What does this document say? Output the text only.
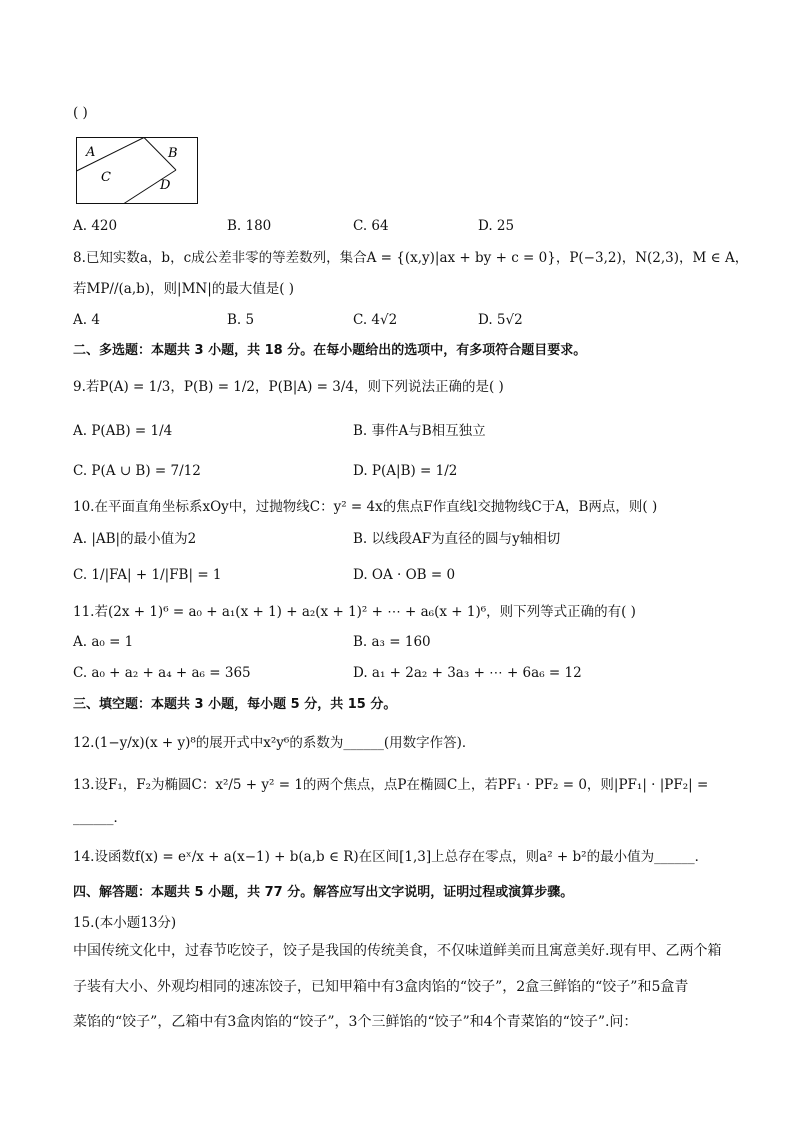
( )
A	B
C
D
A. 420	B. 180	C. 64	D. 25
8.已知实数a，b，c成公差非零的等差数列，集合A = {(x,y)|ax + by + c = 0}，P(−3,2)，N(2,3)，M ∈ A，
若MP//(a,b)，则|MN|的最大值是( )
A. 4	B. 5	C. 4√2	D. 5√2
二、多选题：本题共 3 小题，共 18 分。在每小题给出的选项中，有多项符合题目要求。
9.若P(A) = 1/3，P(B) = 1/2，P(B|A) = 3/4，则下列说法正确的是( )
A. P(AB) = 1/4	B. 事件A与B相互独立
C. P(A ∪ B) = 7/12	D. P(A|B) = 1/2
10.在平面直角坐标系xOy中，过抛物线C：y² = 4x的焦点F作直线l交抛物线C于A，B两点，则( )
A. |AB|的最小值为2	B. 以线段AF为直径的圆与y轴相切
C. 1/|FA| + 1/|FB| = 1	D. OA · OB = 0
11.若(2x + 1)⁶ = a₀ + a₁(x + 1) + a₂(x + 1)² + ⋯ + a₆(x + 1)⁶，则下列等式正确的有( )
A. a₀ = 1	B. a₃ = 160
C. a₀ + a₂ + a₄ + a₆ = 365	D. a₁ + 2a₂ + 3a₃ + ⋯ + 6a₆ = 12
三、填空题：本题共 3 小题，每小题 5 分，共 15 分。
12.(1−y/x)(x + y)⁸的展开式中x²y⁶的系数为______(用数字作答)．
13.设F₁，F₂为椭圆C：x²/5 + y² = 1的两个焦点，点P在椭圆C上，若PF₁ · PF₂ = 0，则|PF₁| · |PF₂| =
______．
14.设函数f(x) = eˣ/x + a(x−1) + b(a,b ∈ R)在区间[1,3]上总存在零点，则a² + b²的最小值为______．
四、解答题：本题共 5 小题，共 77 分。解答应写出文字说明，证明过程或演算步骤。
15.(本小题13分)
中国传统文化中，过春节吃饺子，饺子是我国的传统美食，不仅味道鲜美而且寓意美好.现有甲、乙两个箱
子装有大小、外观均相同的速冻饺子，已知甲箱中有3盒肉馅的“饺子”，2盒三鲜馅的“饺子”和5盒青
菜馅的“饺子”，乙箱中有3盒肉馅的“饺子”，3个三鲜馅的“饺子”和4个青菜馅的“饺子”.问：
